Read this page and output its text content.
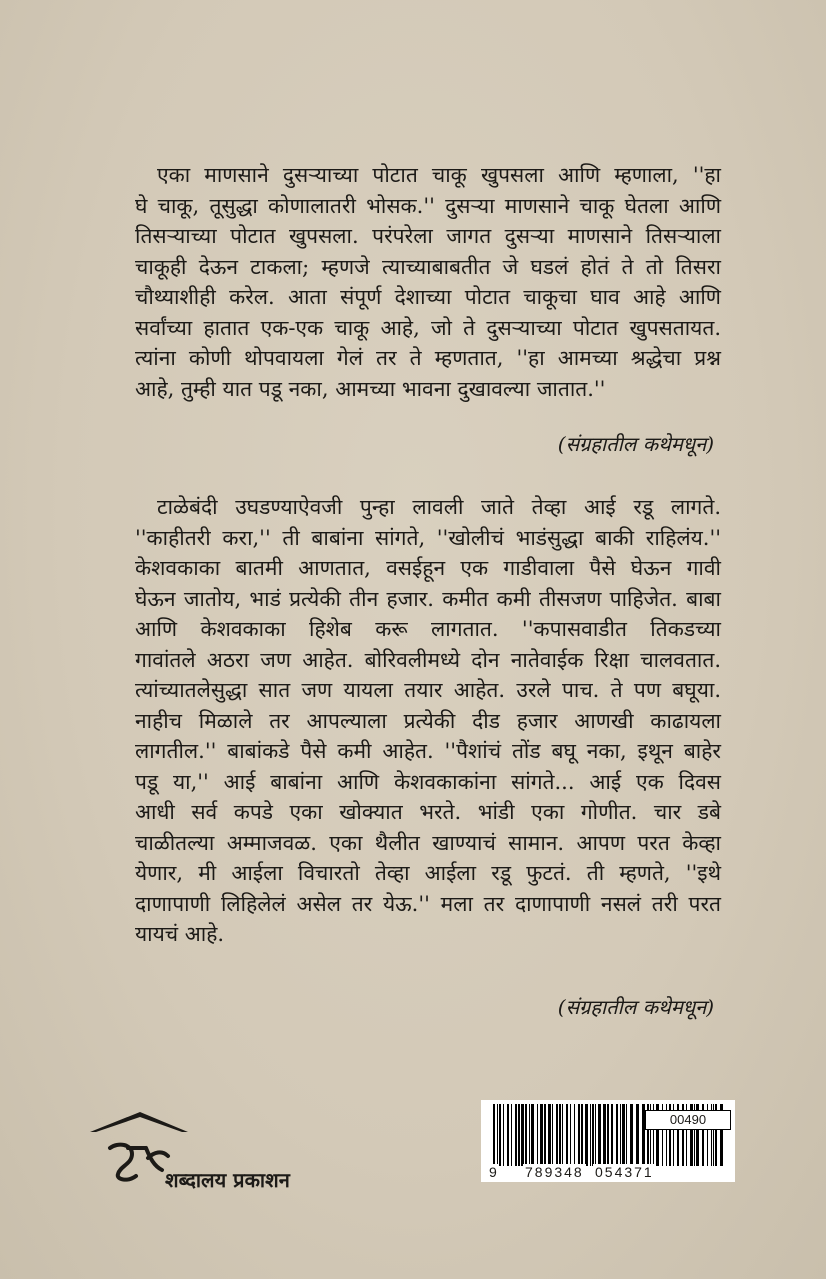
एका माणसाने दुसऱ्याच्या पोटात चाकू खुपसला आणि म्हणाला, ''हा
घे चाकू, तूसुद्धा कोणालातरी भोसक.'' दुसऱ्या माणसाने चाकू घेतला आणि
तिसऱ्याच्या पोटात खुपसला. परंपरेला जागत दुसऱ्या माणसाने तिसऱ्याला
चाकूही देऊन टाकला; म्हणजे त्याच्याबाबतीत जे घडलं होतं ते तो तिसरा
चौथ्याशीही करेल. आता संपूर्ण देशाच्या पोटात चाकूचा घाव आहे आणि
सर्वांच्या हातात एक-एक चाकू आहे, जो ते दुसऱ्याच्या पोटात खुपसतायत.
त्यांना कोणी थोपवायला गेलं तर ते म्हणतात, ''हा आमच्या श्रद्धेचा प्रश्न
आहे, तुम्ही यात पडू नका, आमच्या भावना दुखावल्या जातात.''
(संग्रहातील कथेमधून)
टाळेबंदी उघडण्याऐवजी पुन्हा लावली जाते तेव्हा आई रडू लागते.
''काहीतरी करा,'' ती बाबांना सांगते, ''खोलीचं भाडंसुद्धा बाकी राहिलंय.''
केशवकाका बातमी आणतात, वसईहून एक गाडीवाला पैसे घेऊन गावी
घेऊन जातोय, भाडं प्रत्येकी तीन हजार. कमीत कमी तीसजण पाहिजेत. बाबा
आणि केशवकाका हिशेब करू लागतात. ''कपासवाडीत तिकडच्या
गावांतले अठरा जण आहेत. बोरिवलीमध्ये दोन नातेवाईक रिक्षा चालवतात.
त्यांच्यातलेसुद्धा सात जण यायला तयार आहेत. उरले पाच. ते पण बघूया.
नाहीच मिळाले तर आपल्याला प्रत्येकी दीड हजार आणखी काढायला
लागतील.'' बाबांकडे पैसे कमी आहेत. ''पैशांचं तोंड बघू नका, इथून बाहेर
पडू या,'' आई बाबांना आणि केशवकाकांना सांगते... आई एक दिवस
आधी सर्व कपडे एका खोक्यात भरते. भांडी एका गोणीत. चार डबे
चाळीतल्या अम्माजवळ. एका थैलीत खाण्याचं सामान. आपण परत केव्हा
येणार, मी आईला विचारतो तेव्हा आईला रडू फुटतं. ती म्हणते, ''इथे
दाणापाणी लिहिलेलं असेल तर येऊ.'' मला तर दाणापाणी नसलं तरी परत
यायचं आहे.
(संग्रहातील कथेमधून)
शब्दालय प्रकाशन
00490
9 789348 054371
